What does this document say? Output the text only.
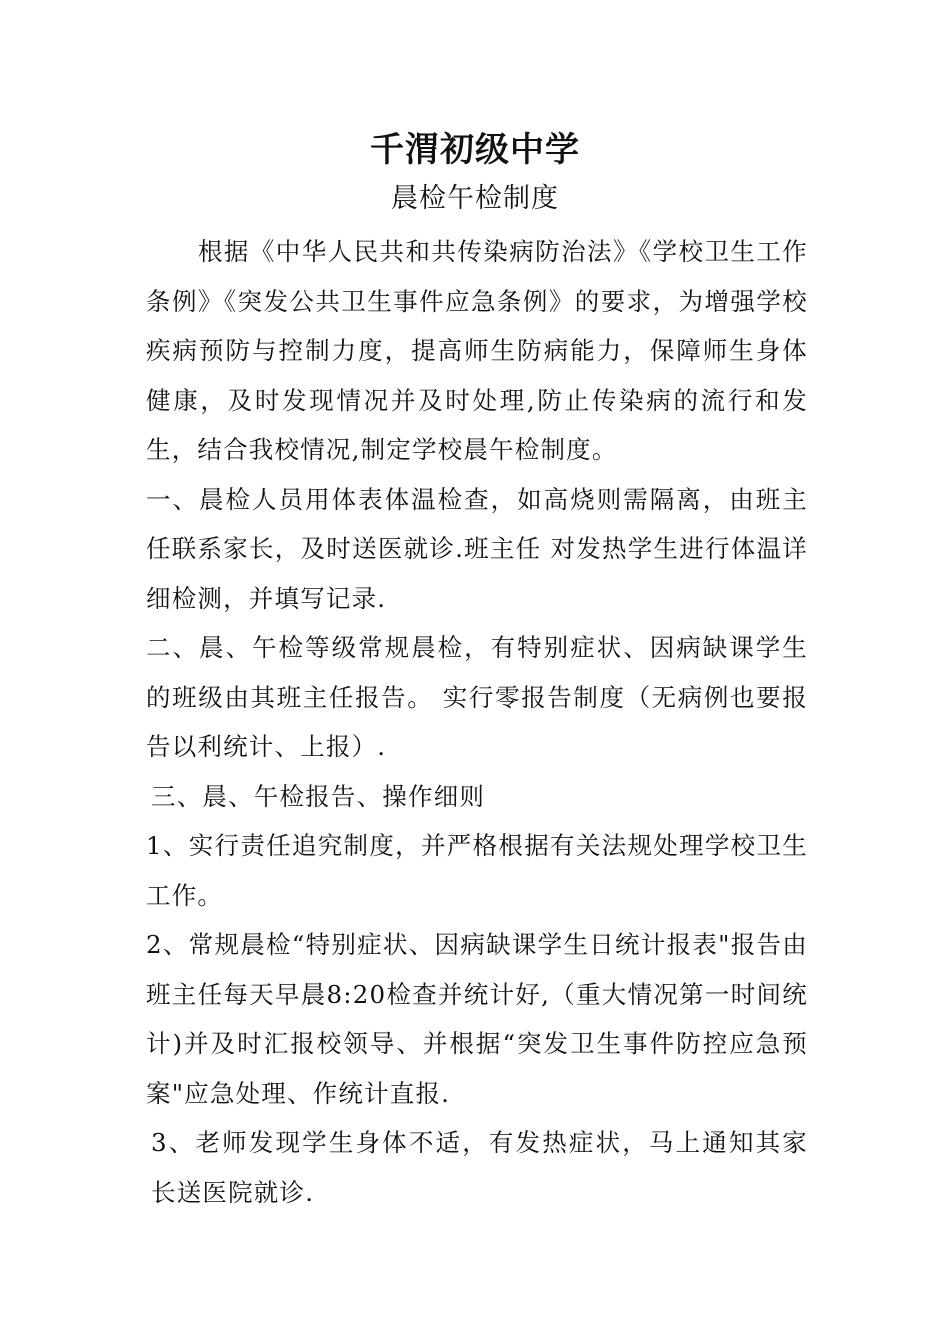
千渭初级中学
晨检午检制度

根据《中华人民共和共传染病防治法》《学校卫生工作条例》《突发公共卫生事件应急条例》的要求，为增强学校疾病预防与控制力度，提高师生防病能力，保障师生身体健康，及时发现情况并及时处理,防止传染病的流行和发生，结合我校情况,制定学校晨午检制度。

一、晨检人员用体表体温检查，如高烧则需隔离，由班主任联系家长，及时送医就诊.班主任 对发热学生进行体温详细检测，并填写记录.

二、晨、午检等级常规晨检，有特别症状、因病缺课学生的班级由其班主任报告。 实行零报告制度（无病例也要报告以利统计、上报）.

三、晨、午检报告、操作细则

1、实行责任追究制度，并严格根据有关法规处理学校卫生工作。

2、常规晨检“特别症状、因病缺课学生日统计报表"报告由班主任每天早晨8:20检查并统计好,（重大情况第一时间统计)并及时汇报校领导、并根据“突发卫生事件防控应急预案"应急处理、作统计直报.

3、老师发现学生身体不适，有发热症状，马上通知其家长送医院就诊.
